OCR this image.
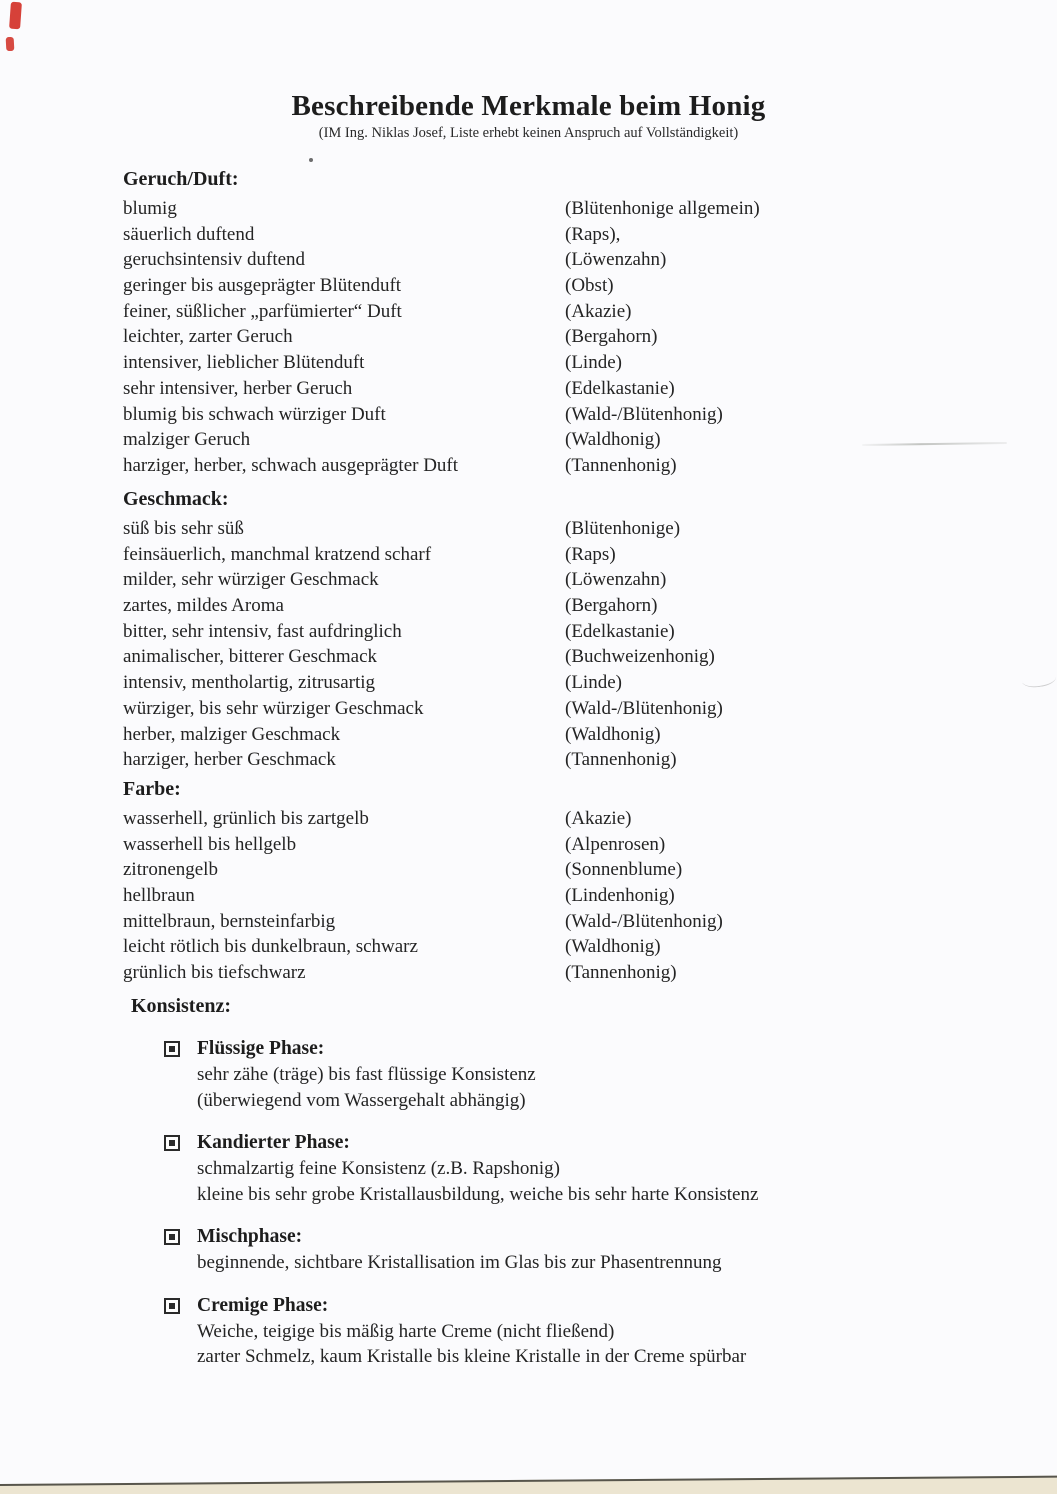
Beschreibende Merkmale beim Honig
(IM Ing. Niklas Josef, Liste erhebt keinen Anspruch auf Vollständigkeit)
Geruch/Duft:
blumig	(Blütenhonige allgemein)
säuerlich duftend	(Raps),
geruchsintensiv duftend	(Löwenzahn)
geringer bis ausgeprägter Blütenduft	(Obst)
feiner, süßlicher „parfümierter“ Duft	(Akazie)
leichter, zarter Geruch	(Bergahorn)
intensiver, lieblicher Blütenduft	(Linde)
sehr intensiver, herber Geruch	(Edelkastanie)
blumig bis schwach würziger Duft	(Wald-/Blütenhonig)
malziger Geruch	(Waldhonig)
harziger, herber, schwach ausgeprägter Duft	(Tannenhonig)
Geschmack:
süß bis sehr süß	(Blütenhonige)
feinsäuerlich, manchmal kratzend scharf	(Raps)
milder, sehr würziger Geschmack	(Löwenzahn)
zartes, mildes Aroma	(Bergahorn)
bitter, sehr intensiv, fast aufdringlich	(Edelkastanie)
animalischer, bitterer Geschmack	(Buchweizenhonig)
intensiv, mentholartig, zitrusartig	(Linde)
würziger, bis sehr würziger Geschmack	(Wald-/Blütenhonig)
herber, malziger Geschmack	(Waldhonig)
harziger, herber Geschmack	(Tannenhonig)
Farbe:
wasserhell, grünlich bis zartgelb	(Akazie)
wasserhell bis hellgelb	(Alpenrosen)
zitronengelb	(Sonnenblume)
hellbraun	(Lindenhonig)
mittelbraun, bernsteinfarbig	(Wald-/Blütenhonig)
leicht rötlich bis dunkelbraun, schwarz	(Waldhonig)
grünlich bis tiefschwarz	(Tannenhonig)
Konsistenz:
Flüssige Phase:
sehr zähe (träge) bis fast flüssige Konsistenz
(überwiegend vom Wassergehalt abhängig)
Kandierter Phase:
schmalzartig feine Konsistenz (z.B. Rapshonig)
kleine bis sehr grobe Kristallausbildung, weiche bis sehr harte Konsistenz
Mischphase:
beginnende, sichtbare Kristallisation im Glas bis zur Phasentrennung
Cremige Phase:
Weiche, teigige bis mäßig harte Creme (nicht fließend)
zarter Schmelz, kaum Kristalle bis kleine Kristalle in der Creme spürbar
